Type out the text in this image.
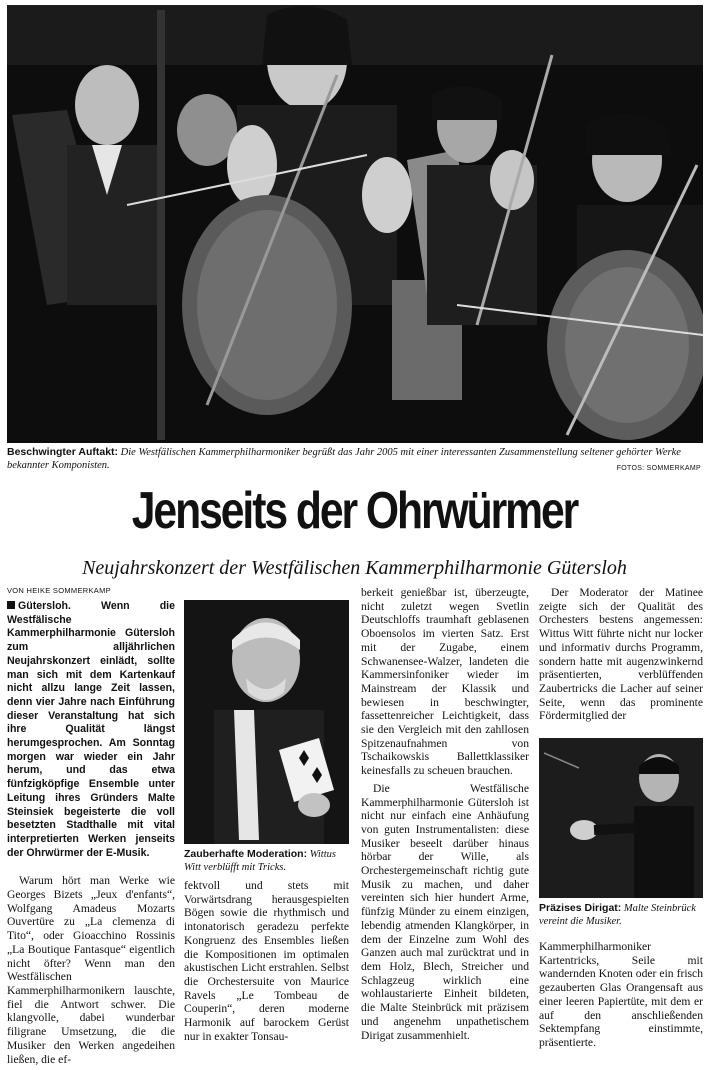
Beschwingter Auftakt: Die Westfälischen Kammerphilharmoniker begrüßt das Jahr 2005 mit einer interessanten Zusammenstellung seltener gehörter Werke bekannter Komponisten.	FOTOS: SOMMERKAMP
Jenseits der Ohrwürmer
Neujahrskonzert der Westfälischen Kammerphilharmonie Gütersloh
VON HEIKE SOMMERKAMP

Gütersloh. Wenn die Westfälische Kammerphilharmonie Gütersloh zum alljährlichen Neujahrskonzert einlädt, sollte man sich mit dem Kartenkauf nicht allzu lange Zeit lassen, denn vier Jahre nach Einführung dieser Veranstaltung hat sich ihre Qualität längst herumgesprochen. Am Sonntag morgen war wieder ein Jahr herum, und das etwa fünfzigköpfige Ensemble unter Leitung ihres Gründers Malte Steinsiek begeisterte die voll besetzten Stadthalle mit vital interpretierten Werken jenseits der Ohrwürmer der E-Musik.

Warum hört man Werke wie Georges Bizets „Jeux d'enfants“, Wolfgang Amadeus Mozarts Ouvertüre zu „La clemenza di Tito“, oder Gioacchino Rossinis „La Boutique Fantasque“ eigentlich nicht öfter? Wenn man den Westfälischen Kammerphilharmonikern lauschte, fiel die Antwort schwer. Die klangvolle, dabei wunderbar filigrane Umsetzung, die die Musiker den Werken angedeihen ließen, die ef-

Zauberhafte Moderation: Wittus Witt verblüfft mit Tricks.

fektvoll und stets mit Vorwärtsdrang herausgespielten Bögen sowie die rhythmisch und intonatorisch geradezu perfekte Kongruenz des Ensembles ließen die Kompositionen im optimalen akustischen Licht erstrahlen. Selbst die Orchestersuite von Maurice Ravels „Le Tombeau de Couperin“, deren moderne Harmonik auf barockem Gerüst nur in exakter Tonsau-

berkeit genießbar ist, überzeugte, nicht zuletzt wegen Svetlin Deutschloffs traumhaft geblasenen Oboensolos im vierten Satz. Erst mit der Zugabe, einem Schwanensee-Walzer, landeten die Kammersinfoniker wieder im Mainstream der Klassik und bewiesen in beschwingter, fassettenreicher Leichtigkeit, dass sie den Vergleich mit den zahllosen Spitzenaufnahmen von Tschaikowskis Ballettklassiker keinesfalls zu scheuen brauchen.

Die Westfälische Kammerphilharmonie Gütersloh ist nicht nur einfach eine Anhäufung von guten Instrumentalisten: diese Musiker beseelt darüber hinaus hörbar der Wille, als Orchestergemeinschaft richtig gute Musik zu machen, und daher vereinten sich hier hundert Arme, fünfzig Münder zu einem einzigen, lebendig atmenden Klangkörper, in dem der Einzelne zum Wohl des Ganzen auch mal zurücktrat und in dem Holz, Blech, Streicher und Schlagzeug wirklich eine wohlaustarierte Einheit bildeten, die Malte Steinbrück mit präzisem und angenehm unpathetischem Dirigat zusammenhielt.

Der Moderator der Matinee zeigte sich der Qualität des Orchesters bestens angemessen: Wittus Witt führte nicht nur locker und informativ durchs Programm, sondern hatte mit augenzwinkernd präsentierten, verblüffenden Zaubertricks die Lacher auf seiner Seite, wenn das prominente Fördermitglied der

Präzises Dirigat: Malte Steinbrück vereint die Musiker.

Kammerphilharmoniker Kartentricks, Seile mit wandernden Knoten oder ein frisch gezauberten Glas Orangensaft aus einer leeren Papiertüte, mit dem er auf den anschließenden Sektempfang einstimmte, präsentierte.
